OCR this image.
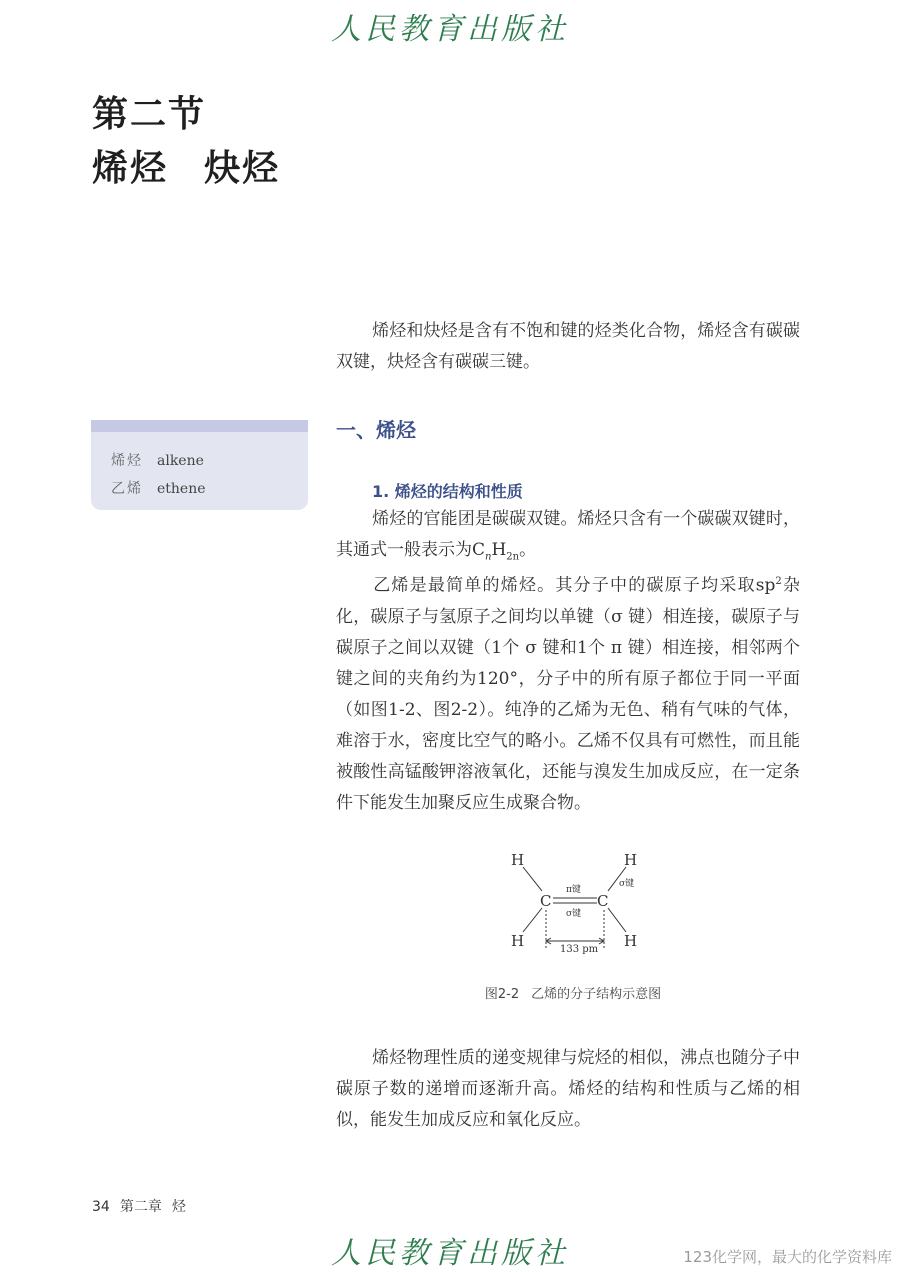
人民教育出版社
第二节
烯烃 炔烃

烯烃和炔烃是含有不饱和键的烃类化合物，烯烃含有碳碳双键，炔烃含有碳碳三键。

烯烃 alkene
乙烯 ethene
一、烯烃
1. 烯烃的结构和性质

烯烃的官能团是碳碳双键。烯烃只含有一个碳碳双键时，其通式一般表示为$C_nH_{2n}$。

乙烯是最简单的烯烃。其分子中的碳原子均采取$sp^2$杂化，碳原子与氢原子之间均以单键（σ 键）相连接，碳原子与碳原子之间以双键（1个 σ 键和1个 π 键）相连接，相邻两个键之间的夹角约为120°，分子中的所有原子都位于同一平面（如图1-2、图2-2）。纯净的乙烯为无色、稍有气味的气体，难溶于水，密度比空气的略小。乙烯不仅具有可燃性，而且能被酸性高锰酸钾溶液氧化，还能与溴发生加成反应，在一定条件下能发生加聚反应生成聚合物。

H	H
C	C
H	H
π键
σ键
σ键
133 pm
图2-2 乙烯的分子结构示意图

烯烃物理性质的递变规律与烷烃的相似，沸点也随分子中碳原子数的递增而逐渐升高。烯烃的结构和性质与乙烯的相似，能发生加成反应和氧化反应。

34 第二章 烃
人民教育出版社	123化学网，最大的化学资料库
